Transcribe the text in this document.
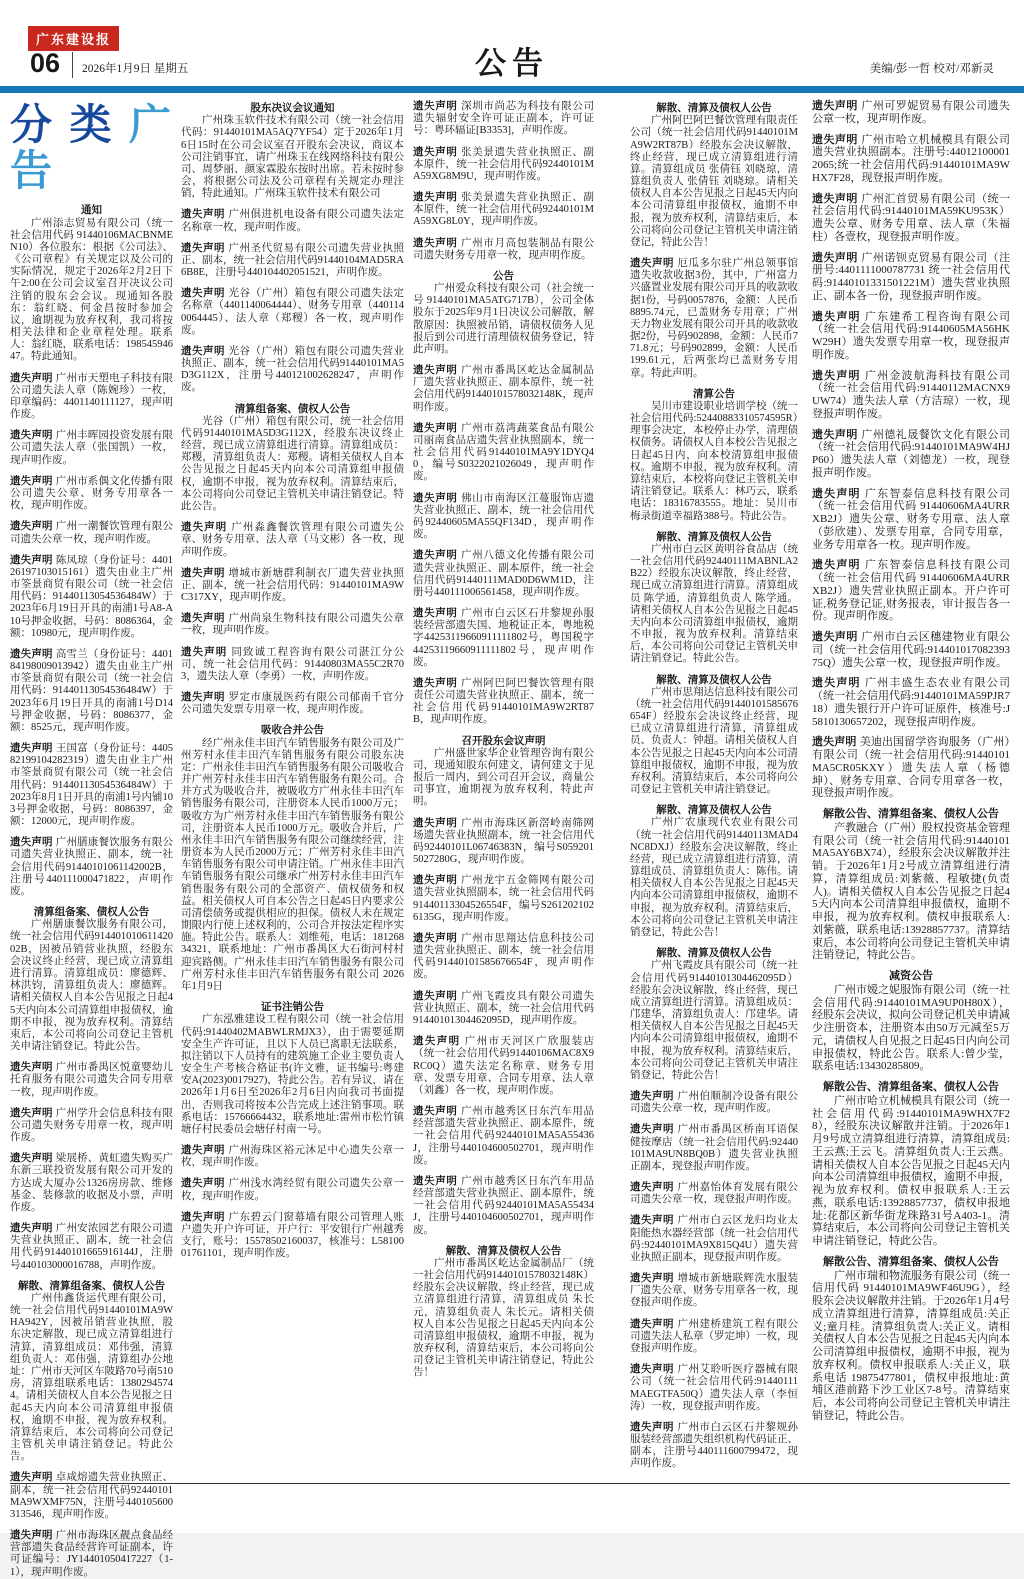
广东建设报
06 2026年1月9日 星期五	公告	美编/彭一哲 校对/邓新灵
分类广告
通知
广州添志贸易有限公司（统一社会信用代码 91440106MACBNMEN10）各位股东：根据《公司法》、《公司章程》有关规定以及公司的实际情况，规定于2026年2月2日下午2:00在公司会议室召开决议公司注销的股东会会议。现通知各股东：翁红晓、何金昌按时参加会议，逾期视为放弃权利，我司将按相关法律和企业章程处理。联系人：翁红晓，联系电话：19854594647。特此通知。
遗失声明 广州市天塑电子科技有限公司遗失法人章（陈婉珍）一枚，印章编码：4401140111127，现声明作废。
遗失声明 广州丰晖园投资发展有限公司遗失法人章（张国凯）一枚，现声明作废。
遗失声明 广州市系偶文化传播有限公司遗失公章、财务专用章各一枚，现声明作废。
遗失声明 广州一潮餐饮管理有限公司遗失公章一枚，现声明作废。
遗失声明 陈凤琼（身份证号：440126197103015161）遗失由业主广州市筌景商贸有限公司（统一社会信用代码：91440113054536484W）于2023年6月19日开具的南浦1号A8-A10号押金收据，号码：8086364，金额：10980元，现声明作废。
遗失声明 高雪兰（身份证号：440184198009013942）遗失由业主广州市筌景商贸有限公司（统一社会信用代码：91440113054536484W）于2023年6月19日开具的南浦1号D14号押金收据，号码：8086377，金额：8525元，现声明作废。
遗失声明 王国富（身份证号：440582199104282319）遗失由业主广州市筌景商贸有限公司（统一社会信用代码：91440113054536484W）于2023年8月1日开具的南浦1号内铺103号押金收据，号码：8086397，金额：12000元，现声明作废。
遗失声明 广州膳康餐饮服务有限公司遗失营业执照正、副本，统一社会信用代码91440101061142002B，注册号440111000471822，声明作废。
清算组备案、债权人公告
广州膳康餐饮服务有限公司，统一社会信用代码91440101061142002B，因被吊销营业执照，经股东会决议终止经营，现已成立清算组进行清算。清算组成员：廖德辉、林洪钧，清算组负责人：廖德辉。请相关债权人自本公告见报之日起45天内向本公司清算组申报债权，逾期不申报，视为放弃权利。清算结束后，本公司将向公司登记主管机关申请注销登记。特此公告。
遗失声明 广州市番禺区悦童婴幼儿托育服务有限公司遗失合同专用章一枚，现声明作废。
遗失声明 广州学升会信息科技有限公司遗失财务专用章一枚，现声明作废。
遗失声明 梁展桥、黄虹遗失购买广东新三联投资发展有限公司开发的方达成大厦办公1326房房款、维修基金、装修款的收据及小票，声明作废。
遗失声明 广州安浓园艺有限公司遗失营业执照正、副本，统一社会信用代码91440101665916144J，注册号440103000016788，声明作废。
解散、清算组备案、债权人公告
广州伟鑫货运代理有限公司，统一社会信用代码91440101MA9WHA942Y，因被吊销营业执照，股东决定解散，现已成立清算组进行清算，清算组成员：邓伟强，清算组负责人：邓伟强，清算组办公地址：广州市天河区车陂路70号南510房，清算组联系电话：13802945744。请相关债权人自本公告见报之日起45天内向本公司清算组申报债权，逾期不申报，视为放弃权利。清算结束后，本公司将向公司登记主管机关申请注销登记。特此公告。
遗失声明 卓咸熔遗失营业执照正、副本，统一社会信用代码92440101MA9WXMF75N，注册号440105600313546，现声明作废。
遗失声明 广州市海珠区靓点食品经营部遗失食品经营许可证副本，许可证编号：JY14401050417227（1-1），现声明作废。
股东决议会议通知
广州珠玉软件技术有限公司（统一社会信用代码：91440101MA5AQ7YF54）定于2026年1月6日15时在公司会议室召开股东会决议，商议本公司注销事宜，请广州珠玉在线网络科技有限公司、周梦丽、颜家霖股东按时出席。若未按时参会，将根据公司法及公司章程有关规定办理注销，特此通知。广州珠玉软件技术有限公司
遗失声明 广州俱进机电设备有限公司遗失法定名称章一枚，现声明作废。
遗失声明 广州圣代贸易有限公司遗失营业执照正、副本，统一社会信用代码91440104MAD5RA6B8E，注册号440104402051521，声明作废。
遗失声明 光谷（广州）箱包有限公司遗失法定名称章（4401140064444）、财务专用章（4401140064445）、法人章（郑稷）各一枚，现声明作废。
遗失声明 光谷（广州）箱包有限公司遗失营业执照正、副本，统一社会信用代码91440101MA5D3G112X，注册号440121002628247，声明作废。
清算组备案、债权人公告
光谷（广州）箱包有限公司，统一社会信用代码91440101MA5D3G112X，经股东决议终止经营，现已成立清算组进行清算。清算组成员：郑稷，清算组负责人：郑稷。请相关债权人自本公告见报之日起45天内向本公司清算组申报债权，逾期不申报，视为放弃权利。清算结束后，本公司将向公司登记主管机关申请注销登记。特此公告。
遗失声明 广州淼鑫餐饮管理有限公司遗失公章、财务专用章、法人章（马文彬）各一枚，现声明作废。
遗失声明 增城市新塘群利制衣厂遗失营业执照正、副本，统一社会信用代码：91440101MA9WC317XY，现声明作废。
遗失声明 广州尚泉生物科技有限公司遗失公章一枚，现声明作废。
遗失声明 同致诚工程咨询有限公司湛江分公司，统一社会信用代码：91440803MA55C2R703，遗失法人章（李勇）一枚，声明作废。
遗失声明 罗定市康晟医药有限公司郁南千官分公司遗失发票专用章一枚，现声明作废。
吸收合并公告
经广州永佳丰田汽车销售服务有限公司及广州芳村永佳丰田汽车销售服务有限公司股东决定：广州永佳丰田汽车销售服务有限公司吸收合并广州芳村永佳丰田汽车销售服务有限公司。合并方式为吸收合并，被吸收方广州永佳丰田汽车销售服务有限公司，注册资本人民币1000万元；吸收方为广州芳村永佳丰田汽车销售服务有限公司，注册资本人民币1000万元。吸收合并后，广州永佳丰田汽车销售服务有限公司继续经营，注册资本为人民币2000万元；广州芳村永佳丰田汽车销售服务有限公司申请注销。广州永佳丰田汽车销售服务有限公司继承广州芳村永佳丰田汽车销售服务有限公司的全部资产、债权债务和权益。相关债权人可自本公告之日起45日内要求公司清偿债务或提供相应的担保。债权人未在规定期限内行使上述权利的，公司合并按法定程序实施。特此公告。联系人：刘维苑，电话：18126834321，联系地址：广州市番禺区大石街河村村迎宾路侧。广州永佳丰田汽车销售服务有限公司 广州芳村永佳丰田汽车销售服务有限公司 2026年1月9日
证书注销公告
广东泓雅建设工程有限公司（统一社会信用代码:91440402MABWLRMJX3），由于需要延期安全生产许可证，且以下人员已离职无法联系，拟注销以下人员持有的建筑施工企业主要负责人安全生产考核合格证书(许文雅，证书编号:粤建安A(2023)0017927)，特此公告。若有异议，请在2026年1月6日至2026年2月6日内向我司书面提出，否则我司将按本公告完成上述注销事项。联系电话：15766664432，联系地址:雷州市松竹镇塘仔村民委员会塘仔村南一号。
遗失声明 广州海珠区裕元沐足中心遗失公章一枚，现声明作废。
遗失声明 广州浅水湾经贸有限公司遗失公章一枚，现声明作废。
遗失声明 广东碧云门窗幕墙有限公司管理人账户遗失开户许可证，开户行：平安银行广州越秀支行，账号：15578502160037，核准号：L5810001761101，现声明作废。
遗失声明 深圳市尚芯为科技有限公司遗失辐射安全许可证正副本，许可证号：粤环辐证[B3353]，声明作废。
遗失声明 张美景遗失营业执照正、副本原件，统一社会信用代码92440101MA59XG8M9U，现声明作废。
遗失声明 张美景遗失营业执照正、副本原件，统一社会信用代码92440101MA59XG8L0Y，现声明作废。
遗失声明 广州市月高包装制品有限公司遗失财务专用章一枚，现声明作废。
公告
广州爱众科技有限公司（社会统一号 91440101MA5ATG717B），公司全体股东于2025年9月1日决议公司解散，解散原因：执照被吊销，请债权债务人见报后到公司进行清理债权债务登记，特此声明。
遗失声明 广州市番禺区屹达金属制品厂遗失营业执照正、副本原件，统一社会信用代码91440101578032148K，现声明作废。
遗失声明 广州市荔湾蔬菜食品有限公司丽南食品店遗失营业执照副本，统一社会信用代码91440101MA9Y1DYQ40，编号S0322021026049，现声明作废。
遗失声明 佛山市南海区江蔓服饰店遗失营业执照正、副本，统一社会信用代码92440605MA55QF134D，现声明作废。
遗失声明 广州八德文化传播有限公司遗失营业执照正、副本原件，统一社会信用代码91440111MAD0D6WM1D，注册号440111006561458，现声明作废。
遗失声明 广州市白云区石井黎规孙服装经营部遗失国、地税证正本，粤地税字44253119660911111802号，粤国税字44253119660911111802号，现声明作废。
遗失声明 广州阿巴阿巴餐饮管理有限责任公司遗失营业执照正、副本，统一社会信用代码91440101MA9W2RT87B，现声明作废。
召开股东会议声明
广州盛世家华企业管理咨询有限公司，现通知股东何建文，请何建文于见报后一周内，到公司召开会议，商量公司事宜，逾期视为放弃权利，特此声明。
遗失声明 广州市海珠区新滘岭南筛网场遗失营业执照副本，统一社会信用代码92440101L06746383N，编号S0592015027280G，现声明作废。
遗失声明 广州龙宇五金筛网有限公司遗失营业执照副本，统一社会信用代码91440113304526554F，编号S2612021026135G，现声明作废。
遗失声明 广州市思翔达信息科技公司遗失营业执照正、副本，统一社会信用代码91440101585676654F，现声明作废。
遗失声明 广州飞霞皮具有限公司遗失营业执照正、副本，统一社会信用代码91440101304462095D，现声明作废。
遗失声明 广州市天河区广欣服装店（统一社会信用代码91440106MAC8X9RC0Q）遗失法定名称章、财务专用章、发票专用章、合同专用章、法人章（刘鑫）各一枚，现声明作废。
遗失声明 广州市越秀区日东汽车用品经营部遗失营业执照正、副本原件，统一社会信用代码92440101MA5A55436J，注册号440104600502701，现声明作废。
遗失声明 广州市越秀区日东汽车用品经营部遗失营业执照正、副本原件，统一社会信用代码92440101MA5A55434J，注册号440104600502701，现声明作废。
解散、清算及债权人公告
广州市番禺区屹达金属制品厂（统一社会信用代码91440101578032148K）经股东会决议解散，终止经营，现已成立清算组进行清算，清算组成员 朱长元，清算组负责人 朱长元。请相关债权人自本公告见报之日起45天内向本公司清算组申报债权，逾期不申报，视为放弃权利，清算结束后，本公司将向公司登记主管机关申请注销登记，特此公告！
解散、清算及债权人公告
广州阿巴阿巴餐饮管理有限责任公司（统一社会信用代码91440101MA9W2RT87B）经股东会决议解散，终止经营，现已成立清算组进行清算。清算组成员 张倩钰 刘晓琼，清算组负责人 张倩钰 刘晓琼。请相关债权人自本公告见报之日起45天内向本公司清算组申报债权，逾期不申报，视为放弃权利，清算结束后，本公司将向公司登记主管机关申请注销登记，特此公告！
遗失声明 厄瓜多尔驻广州总领事馆遗失收款收据3份，其中，广州富力兴盛置业发展有限公司开具的收款收据1份，号码0057876，金额：人民币8895.74元，已盖财务专用章；广州天力物业发展有限公司开具的收款收据2份，号码902898，金额：人民币771.8元；号码902899，金额：人民币199.61元，后两张均已盖财务专用章。特此声明。
清算公告
吴川市建设职业培训学校（统一社会信用代码:52440883310574595R）理事会决定，本校停止办学，清理债权债务。请债权人自本校公告见报之日起45日内，向本校清算组申报债权。逾期不申报，视为放弃权利。清算结束后，本校将向登记主管机关申请注销登记。联系人：林巧云，联系电话：18316783555。地址：吴川市梅录街道幸福路388号。特此公告。
解散、清算及债权人公告
广州市白云区黄明谷食品店（统一社会信用代码92440111MABNLA2B22）经股东决议解散，终止经营，现已成立清算组进行清算。清算组成员 陈学通，清算组负责人 陈学通。请相关债权人自本公告见报之日起45天内向本公司清算组申报债权，逾期不申报，视为放弃权利。清算结束后，本公司将向公司登记主管机关申请注销登记。特此公告。
解散、清算及债权人公告
广州市思翔达信息科技有限公司（统一社会信用代码91440101585676654F）经股东会决议终止经营，现已成立清算组进行清算，清算组成员、负责人：钟超。请相关债权人自本公告见报之日起45天内向本公司清算组申报债权，逾期不申报，视为放弃权利。清算结束后，本公司将向公司登记主管机关申请注销登记。
解散、清算及债权人公告
广州广农康现代农业有限公司（统一社会信用代码91440113MAD4NC8DXJ）经股东会决议解散，终止经营，现已成立清算组进行清算，清算组成员、清算组负责人：陈伟。请相关债权人自本公告见报之日起45天内向本公司清算组申报债权，逾期不申报，视为放弃权利。清算结束后，本公司将向公司登记主管机关申请注销登记，特此公告！
解散、清算及债权人公告
广州飞霞皮具有限公司（统一社会信用代码91440101304462095D）经股东会决议解散，终止经营，现已成立清算组进行清算。清算组成员：邝建华，清算组负责人：邝建华。请相关债权人自本公告见报之日起45天内向本公司清算组申报债权，逾期不申报，视为放弃权利。清算结束后，本公司将向公司登记主管机关申请注销登记，特此公告！
遗失声明 广州伯顺制冷设备有限公司遗失公章一枚，现声明作废。
遗失声明 广州市番禺区桥南耳语保健按摩店（统一社会信用代码:92440101MA9UN8BQ0B）遗失营业执照正副本，现登报声明作废。
遗失声明 广州嘉怡体育发展有限公司遗失公章一枚，现登报声明作废。
遗失声明 广州市白云区龙归均业太阳能热水器经营部（统一社会信用代码:92440101MA9X815Q4U）遗失营业执照正副本，现登报声明作废。
遗失声明 增城市新塘联辉洗水服装厂遗失公章、财务专用章各一枚，现登报声明作废。
遗失声明 广州建桥建筑工程有限公司遗失法人私章（罗定坤）一枚，现登报声明作废。
遗失声明 广州艾聆听医疗器械有限公司（统一社会信用代码:91440111MAEGTFA50Q）遗失法人章（李恒涛）一枚，现登报声明作废。
遗失声明 广州市白云区石井黎规孙服装经营部遗失组织机构代码证正、副本，注册号440111600799472，现声明作废。
遗失声明 广州可罗妮贸易有限公司遗失公章一枚，现声明作废。
遗失声明 广州市哈立机械模具有限公司遗失营业执照副本。注册号:440121000012065;统一社会信用代码:91440101MA9WHX7F28，现登报声明作废。
遗失声明 广州汇首贸易有限公司（统一社会信用代码:91440101MA59KU953K）遗失公章、财务专用章、法人章（朱福柱）各壹枚，现登报声明作废。
遗失声明 广州诺钡克贸易有限公司（注册号:4401111000787731 统一社会信用代码:91440101331501221M）遗失营业执照正、副本各一份，现登报声明作废。
遗失声明 广东建希工程咨询有限公司（统一社会信用代码:91440605MA56HKW29H）遗失发票专用章一枚，现登报声明作废。
遗失声明 广州金波航海科技有限公司（统一社会信用代码:91440112MACNX9UW74）遗失法人章（方洁琼）一枚，现登报声明作废。
遗失声明 广州德礼晟餐饮文化有限公司（统一社会信用代码:91440101MA9W4HJP60）遗失法人章（刘德龙）一枚，现登报声明作废。
遗失声明 广东智泰信息科技有限公司（统一社会信用代码 91440606MA4URRXB2J）遗失公章、财务专用章、法人章（彭欣建）、发票专用章，合同专用章，业务专用章各一枚。现声明作废。
遗失声明 广东智泰信息科技有限公司（统一社会信用代码 91440606MA4URRXB2J）遗失营业执照正副本。开户许可证,税务登记证,财务报表，审计报告各一份。现声明作废。
遗失声明 广州市白云区穗建物业有限公司（统一社会信用代码:91440101708239375Q）遗失公章一枚，现登报声明作废。
遗失声明 广州丰盛生态农业有限公司（统一社会信用代码:91440101MA59PJR718）遗失银行开户许可证原件，核准号:J5810130657202，现登报声明作废。
遗失声明 美迪出国留学咨询服务（广州）有限公司（统一社会信用代码:91440101MA5CR05KXY）遗失法人章（杨德坤）、财务专用章、合同专用章各一枚，现登报声明作废。
解散公告、清算组备案、债权人公告
产教融合（广州）股权投资基金管理有限公司（统一社会信用代码:91440101MA5AY6BX74），经股东会决议解散并注销。于2026年1月2号成立清算组进行清算，清算组成员:刘紫薇、程敏捷(负责人)。请相关债权人自本公告见报之日起45天内向本公司清算组申报债权，逾期不申报，视为放弃权利。债权申报联系人:刘紫薇，联系电话:13928857737。清算结束后，本公司将向公司登记主管机关申请注销登记，特此公告。
减资公告
广州市嫒之妮服饰有限公司（统一社会信用代码:91440101MA9UP0H80X），经股东会决议，拟向公司登记机关申请减少注册资本，注册资本由50万元减至5万元，请债权人自见报之日起45日内向公司申报债权，特此公告。联系人:曾少莹，联系电话:13430285809。
解散公告、清算组备案、债权人公告
广州市哈立机械模具有限公司（统一社会信用代码:91440101MA9WHX7F28），经股东决议解散并注销。于2026年1月9号成立清算组进行清算，清算组成员:王云燕;王云飞。清算组负责人:王云燕。请相关债权人自本公告见报之日起45天内向本公司清算组申报债权，逾期不申报，视为放弃权利。债权申报联系人:王云燕，联系电话:13928857737，债权申报地址:花都区新华街龙珠路31号A403-1。清算结束后，本公司将向公司登记主管机关申请注销登记，特此公告。
解散公告、清算组备案、债权人公告
广州市瑞和物流服务有限公司（统一信用代码 91440101MA9WF46U9G），经股东会决议解散并注销。于2026年1月4号成立清算组进行清算，清算组成员:关正义;童月桂。清算组负责人:关正义。请相关债权人自本公告见报之日起45天内向本公司清算组申报债权，逾期不申报，视为放弃权利。债权申报联系人:关正义，联系电话 19875477801，债权申报地址:黄埔区港前路下沙工业区7-8号。清算结束后，本公司将向公司登记主管机关申请注销登记，特此公告。
